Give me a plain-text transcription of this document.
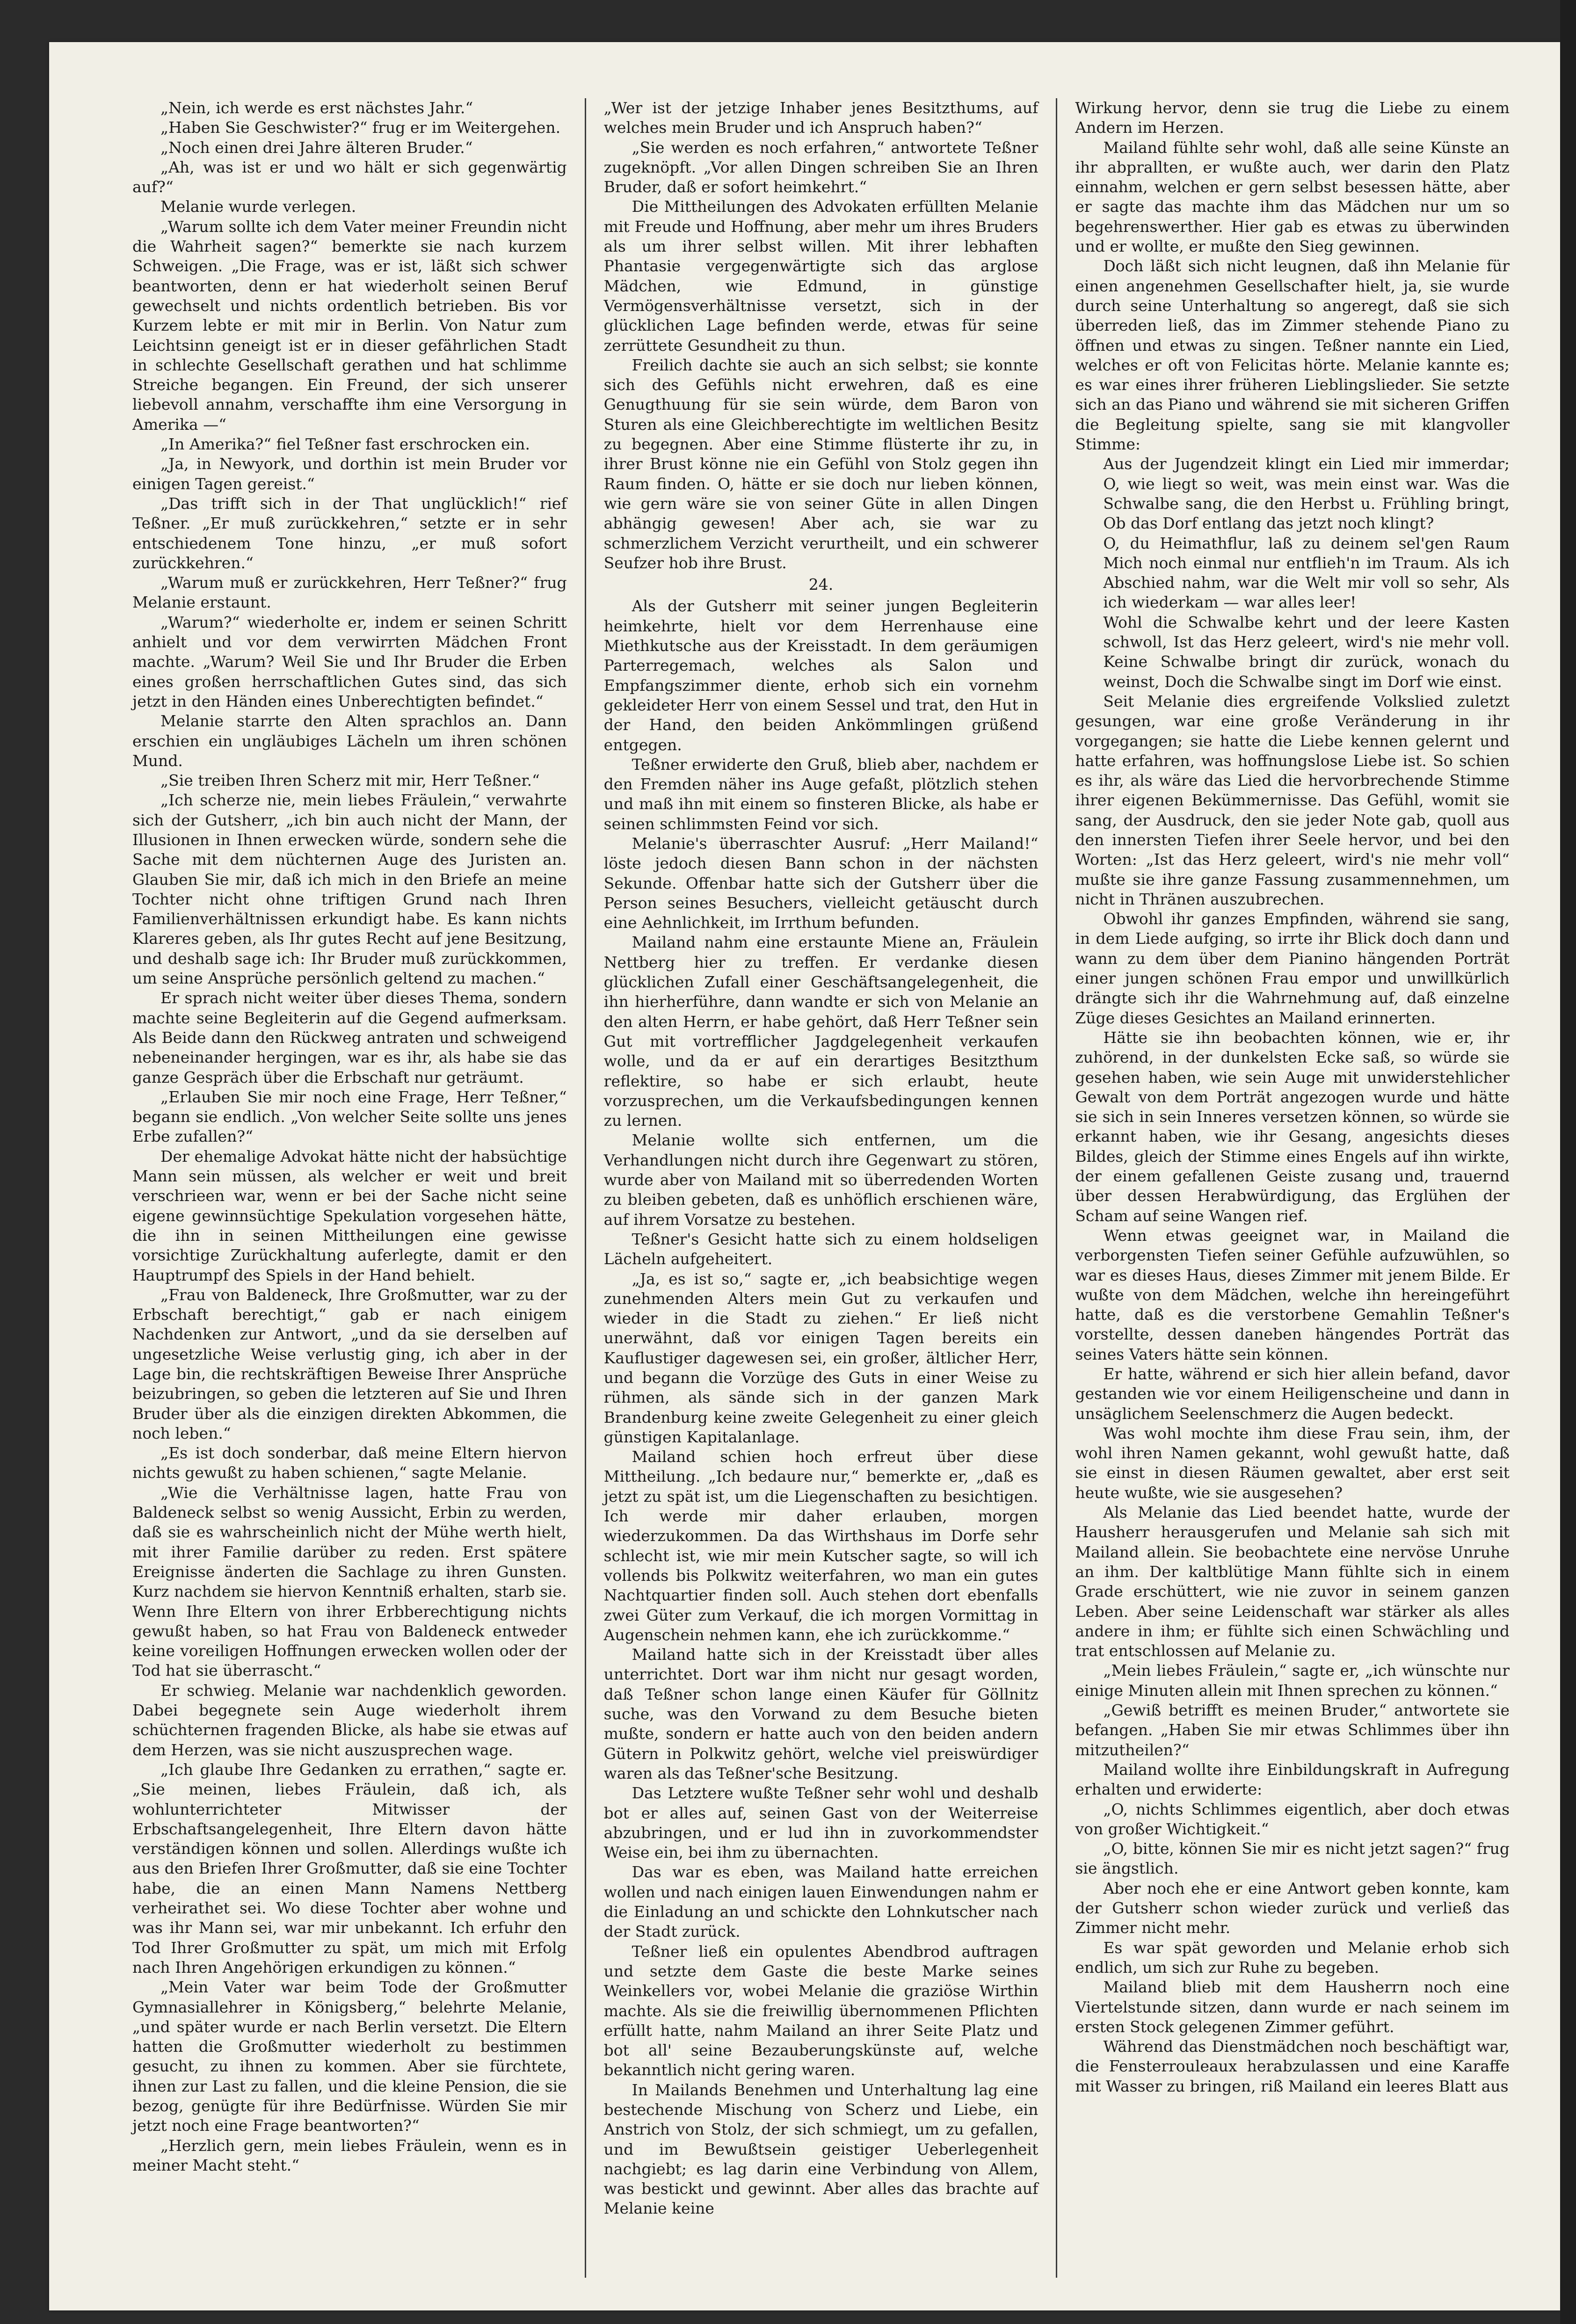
„Nein, ich werde es erst nächstes Jahr.“

„Haben Sie Geschwister?“ frug er im Weitergehen.

„Noch einen drei Jahre älteren Bruder.“

„Ah, was ist er und wo hält er sich gegenwärtig auf?“

Melanie wurde verlegen.

„Warum sollte ich dem Vater meiner Freundin nicht die Wahrheit sagen?“ bemerkte sie nach kurzem Schweigen. „Die Frage, was er ist, läßt sich schwer beantworten, denn er hat wiederholt seinen Beruf gewechselt und nichts ordentlich betrieben. Bis vor Kurzem lebte er mit mir in Berlin. Von Natur zum Leichtsinn geneigt ist er in dieser gefährlichen Stadt in schlechte Gesellschaft gerathen und hat schlimme Streiche begangen. Ein Freund, der sich unserer liebevoll annahm, verschaffte ihm eine Versorgung in Amerika —“

„In Amerika?“ fiel Teßner fast erschrocken ein.

„Ja, in Newyork, und dorthin ist mein Bruder vor einigen Tagen gereist.“

„Das trifft sich in der That unglücklich!“ rief Teßner. „Er muß zurückkehren,“ setzte er in sehr entschiedenem Tone hinzu, „er muß sofort zurückkehren.“

„Warum muß er zurückkehren, Herr Teßner?“ frug Melanie erstaunt.

„Warum?“ wiederholte er, indem er seinen Schritt anhielt und vor dem verwirrten Mädchen Front machte. „Warum? Weil Sie und Ihr Bruder die Erben eines großen herrschaftlichen Gutes sind, das sich jetzt in den Händen eines Unberechtigten befindet.“

Melanie starrte den Alten sprachlos an. Dann erschien ein ungläubiges Lächeln um ihren schönen Mund.

„Sie treiben Ihren Scherz mit mir, Herr Teßner.“

„Ich scherze nie, mein liebes Fräulein,“ verwahrte sich der Gutsherr, „ich bin auch nicht der Mann, der Illusionen in Ihnen erwecken würde, sondern sehe die Sache mit dem nüchternen Auge des Juristen an. Glauben Sie mir, daß ich mich in den Briefe an meine Tochter nicht ohne triftigen Grund nach Ihren Familienverhältnissen erkundigt habe. Es kann nichts Klareres geben, als Ihr gutes Recht auf jene Besitzung, und deshalb sage ich: Ihr Bruder muß zurückkommen, um seine Ansprüche persönlich geltend zu machen.“

Er sprach nicht weiter über dieses Thema, sondern machte seine Begleiterin auf die Gegend aufmerksam. Als Beide dann den Rückweg antraten und schweigend nebeneinander hergingen, war es ihr, als habe sie das ganze Gespräch über die Erbschaft nur geträumt.

„Erlauben Sie mir noch eine Frage, Herr Teßner,“ begann sie endlich. „Von welcher Seite sollte uns jenes Erbe zufallen?“

Der ehemalige Advokat hätte nicht der habsüchtige Mann sein müssen, als welcher er weit und breit verschrieen war, wenn er bei der Sache nicht seine eigene gewinnsüchtige Spekulation vorgesehen hätte, die ihn in seinen Mittheilungen eine gewisse vorsichtige Zurückhaltung auferlegte, damit er den Hauptrumpf des Spiels in der Hand behielt.

„Frau von Baldeneck, Ihre Großmutter, war zu der Erbschaft berechtigt,“ gab er nach einigem Nachdenken zur Antwort, „und da sie derselben auf ungesetzliche Weise verlustig ging, ich aber in der Lage bin, die rechtskräftigen Beweise Ihrer Ansprüche beizubringen, so geben die letzteren auf Sie und Ihren Bruder über als die einzigen direkten Abkommen, die noch leben.“

„Es ist doch sonderbar, daß meine Eltern hiervon nichts gewußt zu haben schienen,“ sagte Melanie.

„Wie die Verhältnisse lagen, hatte Frau von Baldeneck selbst so wenig Aussicht, Erbin zu werden, daß sie es wahrscheinlich nicht der Mühe werth hielt, mit ihrer Familie darüber zu reden. Erst spätere Ereignisse änderten die Sachlage zu ihren Gunsten. Kurz nachdem sie hiervon Kenntniß erhalten, starb sie. Wenn Ihre Eltern von ihrer Erbberechtigung nichts gewußt haben, so hat Frau von Baldeneck entweder keine voreiligen Hoffnungen erwecken wollen oder der Tod hat sie überrascht.“

Er schwieg. Melanie war nachdenklich geworden. Dabei begegnete sein Auge wiederholt ihrem schüchternen fragenden Blicke, als habe sie etwas auf dem Herzen, was sie nicht auszusprechen wage.

„Ich glaube Ihre Gedanken zu errathen,“ sagte er. „Sie meinen, liebes Fräulein, daß ich, als wohlunterrichteter Mitwisser der Erbschaftsangelegenheit, Ihre Eltern davon hätte verständigen können und sollen. Allerdings wußte ich aus den Briefen Ihrer Großmutter, daß sie eine Tochter habe, die an einen Mann Namens Nettberg verheirathet sei. Wo diese Tochter aber wohne und was ihr Mann sei, war mir unbekannt. Ich erfuhr den Tod Ihrer Großmutter zu spät, um mich mit Erfolg nach Ihren Angehörigen erkundigen zu können.“

„Mein Vater war beim Tode der Großmutter Gymnasiallehrer in Königsberg,“ belehrte Melanie, „und später wurde er nach Berlin versetzt. Die Eltern hatten die Großmutter wiederholt zu bestimmen gesucht, zu ihnen zu kommen. Aber sie fürchtete, ihnen zur Last zu fallen, und die kleine Pension, die sie bezog, genügte für ihre Bedürfnisse. Würden Sie mir jetzt noch eine Frage beantworten?“

„Herzlich gern, mein liebes Fräulein, wenn es in meiner Macht steht.“

„Wer ist der jetzige Inhaber jenes Besitzthums, auf welches mein Bruder und ich Anspruch haben?“

„Sie werden es noch erfahren,“ antwortete Teßner zugeknöpft. „Vor allen Dingen schreiben Sie an Ihren Bruder, daß er sofort heimkehrt.“

Die Mittheilungen des Advokaten erfüllten Melanie mit Freude und Hoffnung, aber mehr um ihres Bruders als um ihrer selbst willen. Mit ihrer lebhaften Phantasie vergegenwärtigte sich das arglose Mädchen, wie Edmund, in günstige Vermögensverhältnisse versetzt, sich in der glücklichen Lage befinden werde, etwas für seine zerrüttete Gesundheit zu thun.

Freilich dachte sie auch an sich selbst; sie konnte sich des Gefühls nicht erwehren, daß es eine Genugthuung für sie sein würde, dem Baron von Sturen als eine Gleichberechtigte im weltlichen Besitz zu begegnen. Aber eine Stimme flüsterte ihr zu, in ihrer Brust könne nie ein Gefühl von Stolz gegen ihn Raum finden. O, hätte er sie doch nur lieben können, wie gern wäre sie von seiner Güte in allen Dingen abhängig gewesen! Aber ach, sie war zu schmerzlichem Verzicht verurtheilt, und ein schwerer Seufzer hob ihre Brust.

24.

Als der Gutsherr mit seiner jungen Begleiterin heimkehrte, hielt vor dem Herrenhause eine Miethkutsche aus der Kreisstadt. In dem geräumigen Parterregemach, welches als Salon und Empfangszimmer diente, erhob sich ein vornehm gekleideter Herr von einem Sessel und trat, den Hut in der Hand, den beiden Ankömmlingen grüßend entgegen.

Teßner erwiderte den Gruß, blieb aber, nachdem er den Fremden näher ins Auge gefaßt, plötzlich stehen und maß ihn mit einem so finsteren Blicke, als habe er seinen schlimmsten Feind vor sich.

Melanie's überraschter Ausruf: „Herr Mailand!“ löste jedoch diesen Bann schon in der nächsten Sekunde. Offenbar hatte sich der Gutsherr über die Person seines Besuchers, vielleicht getäuscht durch eine Aehnlichkeit, im Irrthum befunden.

Mailand nahm eine erstaunte Miene an, Fräulein Nettberg hier zu treffen. Er verdanke diesen glücklichen Zufall einer Geschäftsangelegenheit, die ihn hierherführe, dann wandte er sich von Melanie an den alten Herrn, er habe gehört, daß Herr Teßner sein Gut mit vortrefflicher Jagdgelegenheit verkaufen wolle, und da er auf ein derartiges Besitzthum reflektire, so habe er sich erlaubt, heute vorzusprechen, um die Verkaufsbedingungen kennen zu lernen.

Melanie wollte sich entfernen, um die Verhandlungen nicht durch ihre Gegenwart zu stören, wurde aber von Mailand mit so überredenden Worten zu bleiben gebeten, daß es unhöflich erschienen wäre, auf ihrem Vorsatze zu bestehen.

Teßner's Gesicht hatte sich zu einem holdseligen Lächeln aufgeheitert.

„Ja, es ist so,“ sagte er, „ich beabsichtige wegen zunehmenden Alters mein Gut zu verkaufen und wieder in die Stadt zu ziehen.“ Er ließ nicht unerwähnt, daß vor einigen Tagen bereits ein Kauflustiger dagewesen sei, ein großer, ältlicher Herr, und begann die Vorzüge des Guts in einer Weise zu rühmen, als sände sich in der ganzen Mark Brandenburg keine zweite Gelegenheit zu einer gleich günstigen Kapitalanlage.

Mailand schien hoch erfreut über diese Mittheilung. „Ich bedaure nur,“ bemerkte er, „daß es jetzt zu spät ist, um die Liegenschaften zu besichtigen. Ich werde mir daher erlauben, morgen wiederzukommen. Da das Wirthshaus im Dorfe sehr schlecht ist, wie mir mein Kutscher sagte, so will ich vollends bis Polkwitz weiterfahren, wo man ein gutes Nachtquartier finden soll. Auch stehen dort ebenfalls zwei Güter zum Verkauf, die ich morgen Vormittag in Augenschein nehmen kann, ehe ich zurückkomme.“

Mailand hatte sich in der Kreisstadt über alles unterrichtet. Dort war ihm nicht nur gesagt worden, daß Teßner schon lange einen Käufer für Göllnitz suche, was den Vorwand zu dem Besuche bieten mußte, sondern er hatte auch von den beiden andern Gütern in Polkwitz gehört, welche viel preiswürdiger waren als das Teßner'sche Besitzung.

Das Letztere wußte Teßner sehr wohl und deshalb bot er alles auf, seinen Gast von der Weiterreise abzubringen, und er lud ihn in zuvorkommendster Weise ein, bei ihm zu übernachten.

Das war es eben, was Mailand hatte erreichen wollen und nach einigen lauen Einwendungen nahm er die Einladung an und schickte den Lohnkutscher nach der Stadt zurück.

Teßner ließ ein opulentes Abendbrod auftragen und setzte dem Gaste die beste Marke seines Weinkellers vor, wobei Melanie die graziöse Wirthin machte. Als sie die freiwillig übernommenen Pflichten erfüllt hatte, nahm Mailand an ihrer Seite Platz und bot all' seine Bezauberungskünste auf, welche bekanntlich nicht gering waren.

In Mailands Benehmen und Unterhaltung lag eine bestechende Mischung von Scherz und Liebe, ein Anstrich von Stolz, der sich schmiegt, um zu gefallen, und im Bewußtsein geistiger Ueberlegenheit nachgiebt; es lag darin eine Verbindung von Allem, was bestickt und gewinnt. Aber alles das brachte auf Melanie keine

Wirkung hervor, denn sie trug die Liebe zu einem Andern im Herzen.

Mailand fühlte sehr wohl, daß alle seine Künste an ihr abprallten, er wußte auch, wer darin den Platz einnahm, welchen er gern selbst besessen hätte, aber er sagte das machte ihm das Mädchen nur um so begehrenswerther. Hier gab es etwas zu überwinden und er wollte, er mußte den Sieg gewinnen.

Doch läßt sich nicht leugnen, daß ihn Melanie für einen angenehmen Gesellschafter hielt, ja, sie wurde durch seine Unterhaltung so angeregt, daß sie sich überreden ließ, das im Zimmer stehende Piano zu öffnen und etwas zu singen. Teßner nannte ein Lied, welches er oft von Felicitas hörte. Melanie kannte es; es war eines ihrer früheren Lieblingslieder. Sie setzte sich an das Piano und während sie mit sicheren Griffen die Begleitung spielte, sang sie mit klangvoller Stimme:

Aus der Jugendzeit klingt ein Lied mir immerdar; O, wie liegt so weit, was mein einst war. Was die Schwalbe sang, die den Herbst u. Frühling bringt, Ob das Dorf entlang das jetzt noch klingt?

O, du Heimathflur, laß zu deinem sel'gen Raum Mich noch einmal nur entflieh'n im Traum. Als ich Abschied nahm, war die Welt mir voll so sehr, Als ich wiederkam — war alles leer!

Wohl die Schwalbe kehrt und der leere Kasten schwoll, Ist das Herz geleert, wird's nie mehr voll. Keine Schwalbe bringt dir zurück, wonach du weinst, Doch die Schwalbe singt im Dorf wie einst.

Seit Melanie dies ergreifende Volkslied zuletzt gesungen, war eine große Veränderung in ihr vorgegangen; sie hatte die Liebe kennen gelernt und hatte erfahren, was hoffnungslose Liebe ist. So schien es ihr, als wäre das Lied die hervorbrechende Stimme ihrer eigenen Bekümmernisse. Das Gefühl, womit sie sang, der Ausdruck, den sie jeder Note gab, quoll aus den innersten Tiefen ihrer Seele hervor, und bei den Worten: „Ist das Herz geleert, wird's nie mehr voll“ mußte sie ihre ganze Fassung zusammennehmen, um nicht in Thränen auszubrechen.

Obwohl ihr ganzes Empfinden, während sie sang, in dem Liede aufging, so irrte ihr Blick doch dann und wann zu dem über dem Pianino hängenden Porträt einer jungen schönen Frau empor und unwillkürlich drängte sich ihr die Wahrnehmung auf, daß einzelne Züge dieses Gesichtes an Mailand erinnerten.

Hätte sie ihn beobachten können, wie er, ihr zuhörend, in der dunkelsten Ecke saß, so würde sie gesehen haben, wie sein Auge mit unwiderstehlicher Gewalt von dem Porträt angezogen wurde und hätte sie sich in sein Inneres versetzen können, so würde sie erkannt haben, wie ihr Gesang, angesichts dieses Bildes, gleich der Stimme eines Engels auf ihn wirkte, der einem gefallenen Geiste zusang und, trauernd über dessen Herabwürdigung, das Erglühen der Scham auf seine Wangen rief.

Wenn etwas geeignet war, in Mailand die verborgensten Tiefen seiner Gefühle aufzuwühlen, so war es dieses Haus, dieses Zimmer mit jenem Bilde. Er wußte von dem Mädchen, welche ihn hereingeführt hatte, daß es die verstorbene Gemahlin Teßner's vorstellte, dessen daneben hängendes Porträt das seines Vaters hätte sein können.

Er hatte, während er sich hier allein befand, davor gestanden wie vor einem Heiligenscheine und dann in unsäglichem Seelenschmerz die Augen bedeckt.

Was wohl mochte ihm diese Frau sein, ihm, der wohl ihren Namen gekannt, wohl gewußt hatte, daß sie einst in diesen Räumen gewaltet, aber erst seit heute wußte, wie sie ausgesehen?

Als Melanie das Lied beendet hatte, wurde der Hausherr herausgerufen und Melanie sah sich mit Mailand allein. Sie beobachtete eine nervöse Unruhe an ihm. Der kaltblütige Mann fühlte sich in einem Grade erschüttert, wie nie zuvor in seinem ganzen Leben. Aber seine Leidenschaft war stärker als alles andere in ihm; er fühlte sich einen Schwächling und trat entschlossen auf Melanie zu.

„Mein liebes Fräulein,“ sagte er, „ich wünschte nur einige Minuten allein mit Ihnen sprechen zu können.“

„Gewiß betrifft es meinen Bruder,“ antwortete sie befangen. „Haben Sie mir etwas Schlimmes über ihn mitzutheilen?“

Mailand wollte ihre Einbildungskraft in Aufregung erhalten und erwiderte:

„O, nichts Schlimmes eigentlich, aber doch etwas von großer Wichtigkeit.“

„O, bitte, können Sie mir es nicht jetzt sagen?“ frug sie ängstlich.

Aber noch ehe er eine Antwort geben konnte, kam der Gutsherr schon wieder zurück und verließ das Zimmer nicht mehr.

Es war spät geworden und Melanie erhob sich endlich, um sich zur Ruhe zu begeben.

Mailand blieb mit dem Hausherrn noch eine Viertelstunde sitzen, dann wurde er nach seinem im ersten Stock gelegenen Zimmer geführt.

Während das Dienstmädchen noch beschäftigt war, die Fensterrouleaux herabzulassen und eine Karaffe mit Wasser zu bringen, riß Mailand ein leeres Blatt aus
